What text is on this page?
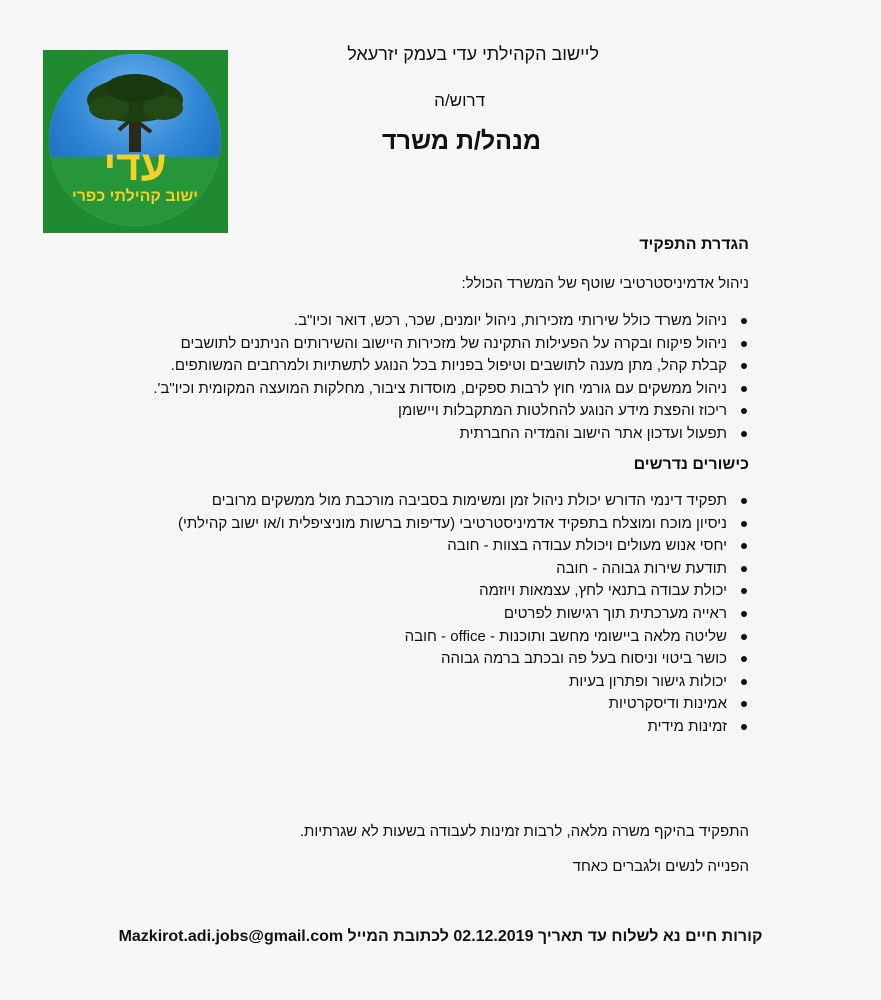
עדי
ישוב קהילתי כפרי
ליישוב הקהילתי עדי בעמק יזרעאל
דרוש/ה
מנהל/ת משרד
הגדרת התפקיד
ניהול אדמיניסטרטיבי שוטף של המשרד הכולל:
ניהול משרד כולל שירותי מזכירות, ניהול יומנים, שכר, רכש, דואר וכיו"ב.
ניהול פיקוח ובקרה על הפעילות התקינה של מזכירות היישוב והשירותים הניתנים לתושבים
קבלת קהל, מתן מענה לתושבים וטיפול בפניות בכל הנוגע לתשתיות ולמרחבים המשותפים.
ניהול ממשקים עם גורמי חוץ לרבות ספקים, מוסדות ציבור, מחלקות המועצה המקומית וכיו"ב'.
ריכוז והפצת מידע הנוגע להחלטות המתקבלות ויישומן
תפעול ועדכון אתר הישוב והמדיה החברתית
כישורים נדרשים
תפקיד דינמי הדורש יכולת ניהול זמן ומשימות בסביבה מורכבת מול ממשקים מרובים
ניסיון מוכח ומוצלח בתפקיד אדמיניסטרטיבי (עדיפות ברשות מוניציפלית ו/או ישוב קהילתי)
יחסי אנוש מעולים ויכולת עבודה בצוות - חובה
תודעת שירות גבוהה - חובה
יכולת עבודה בתנאי לחץ, עצמאות ויוזמה
ראייה מערכתית תוך רגישות לפרטים
שליטה מלאה ביישומי מחשב ותוכנות - office - חובה
כושר ביטוי וניסוח בעל פה ובכתב ברמה גבוהה
יכולות גישור ופתרון בעיות
אמינות ודיסקרטיות
זמינות מידית
התפקיד בהיקף משרה מלאה, לרבות זמינות לעבודה בשעות לא שגרתיות.
הפנייה לנשים ולגברים כאחד
קורות חיים נא לשלוח עד תאריך 02.12.2019 לכתובת המייל Mazkirot.adi.jobs@gmail.com
